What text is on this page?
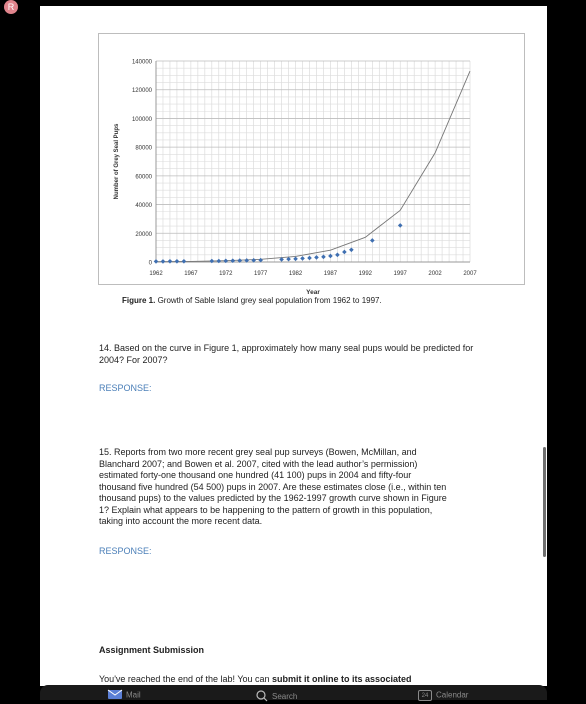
R
0
20000
40000
60000
80000
100000
120000
140000
1962	1967	1972	1977	1982	1987	1992	1997	2002	2007
Year
Number of Grey Seal Pups
Figure 1. Growth of Sable Island grey seal population from 1962 to 1997.
14. Based on the curve in Figure 1, approximately how many seal pups would be predicted for 2004? For 2007?
RESPONSE:
15. Reports from two more recent grey seal pup surveys (Bowen, McMillan, and
Blanchard 2007; and Bowen et al. 2007, cited with the lead author’s permission)
estimated forty-one thousand one hundred (41 100) pups in 2004 and fifty-four
thousand five hundred (54 500) pups in 2007. Are these estimates close (i.e., within ten
thousand pups) to the values predicted by the 1962-1997 growth curve shown in Figure
1? Explain what appears to be happening to the pattern of growth in this population,
taking into account the more recent data.
RESPONSE:
Assignment Submission
You've reached the end of the lab! You can submit it online to its associated
Mail	Search	24 Calendar
